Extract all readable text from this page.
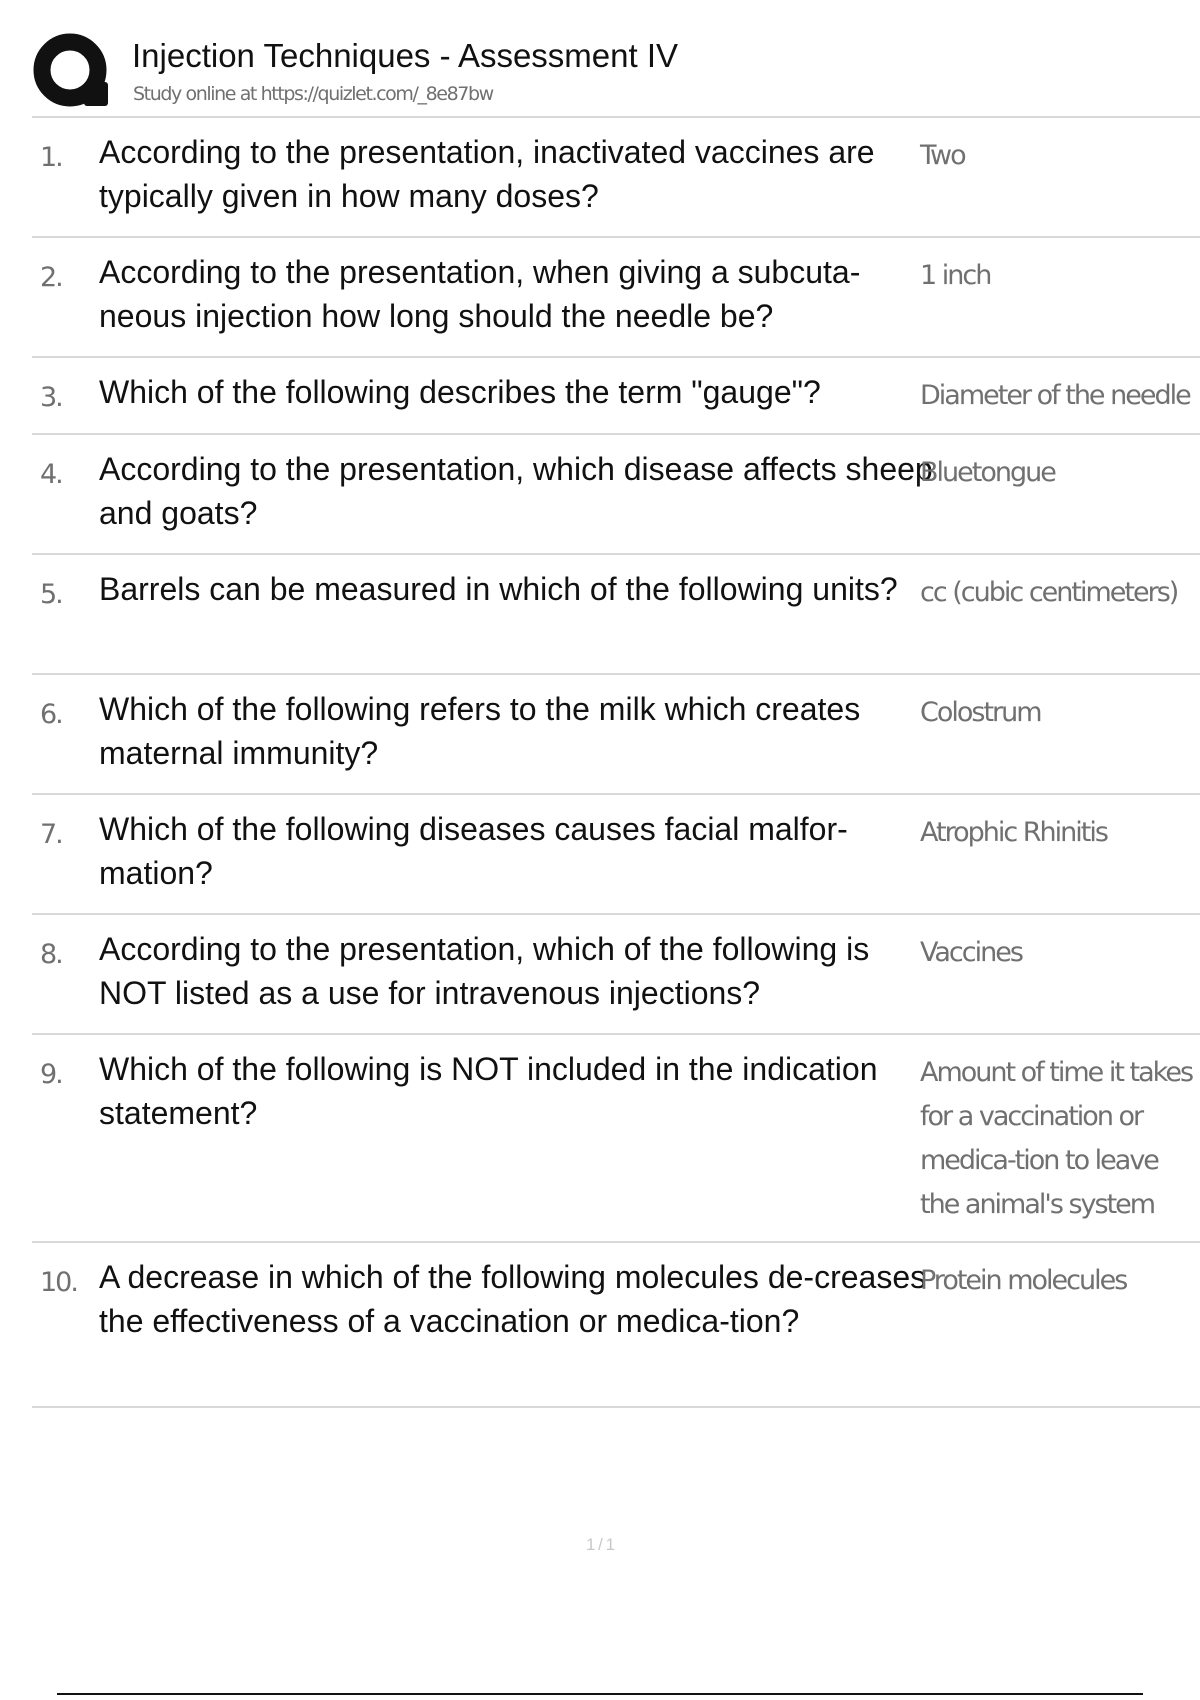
Injection Techniques - Assessment IV
Study online at https://quizlet.com/_8e87bw
1. According to the presentation, inactivated vaccines are typically given in how many doses?
Two
2. According to the presentation, when giving a subcuta-neous injection how long should the needle be?
1 inch
3. Which of the following describes the term "gauge"?	Diameter of the needle
4. According to the presentation, which disease affects sheep and goats?
Bluetongue
5. Barrels can be measured in which of the following units? cc (cubic centimeters)
6. Which of the following refers to the milk which creates maternal immunity?
Colostrum
7. Which of the following diseases causes facial malfor-mation?
Atrophic Rhinitis
8. According to the presentation, which of the following is NOT listed as a use for intravenous injections?
Vaccines
9. Which of the following is NOT included in the indication statement?
Amount of time it takes for a vaccination or medica-tion to leave the animal's system
10. A decrease in which of the following molecules de-creases the effectiveness of a vaccination or medica-tion?
Protein molecules
1 / 1
